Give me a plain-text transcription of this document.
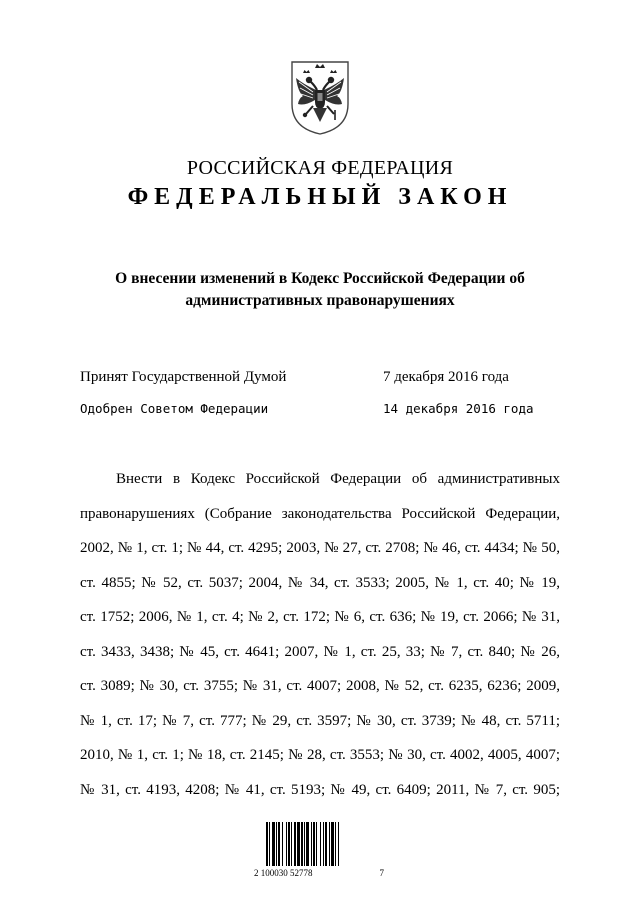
РОССИЙСКАЯ ФЕДЕРАЦИЯ
ФЕДЕРАЛЬНЫЙ ЗАКОН
О внесении изменений в Кодекс Российской Федерации об
административных правонарушениях
Принят Государственной Думой	7 декабря 2016 года
Одобрен Советом Федерации	14 декабря 2016 года
Внести в Кодекс Российской Федерации об административных
правонарушениях (Собрание законодательства Российской Федерации,
2002, № 1, ст. 1; № 44, ст. 4295; 2003, № 27, ст. 2708; № 46, ст. 4434; № 50,
ст. 4855; № 52, ст. 5037; 2004, № 34, ст. 3533; 2005, № 1, ст. 40; № 19,
ст. 1752; 2006, № 1, ст. 4; № 2, ст. 172; № 6, ст. 636; № 19, ст. 2066; № 31,
ст. 3433, 3438; № 45, ст. 4641; 2007, № 1, ст. 25, 33; № 7, ст. 840; № 26,
ст. 3089; № 30, ст. 3755; № 31, ст. 4007; 2008, № 52, ст. 6235, 6236; 2009,
№ 1, ст. 17; № 7, ст. 777; № 29, ст. 3597; № 30, ст. 3739; № 48, ст. 5711;
2010, № 1, ст. 1; № 18, ст. 2145; № 28, ст. 3553; № 30, ст. 4002, 4005, 4007;
№ 31, ст. 4193, 4208; № 41, ст. 5193; № 49, ст. 6409; 2011, № 7, ст. 905;
2 100030 52778	7
